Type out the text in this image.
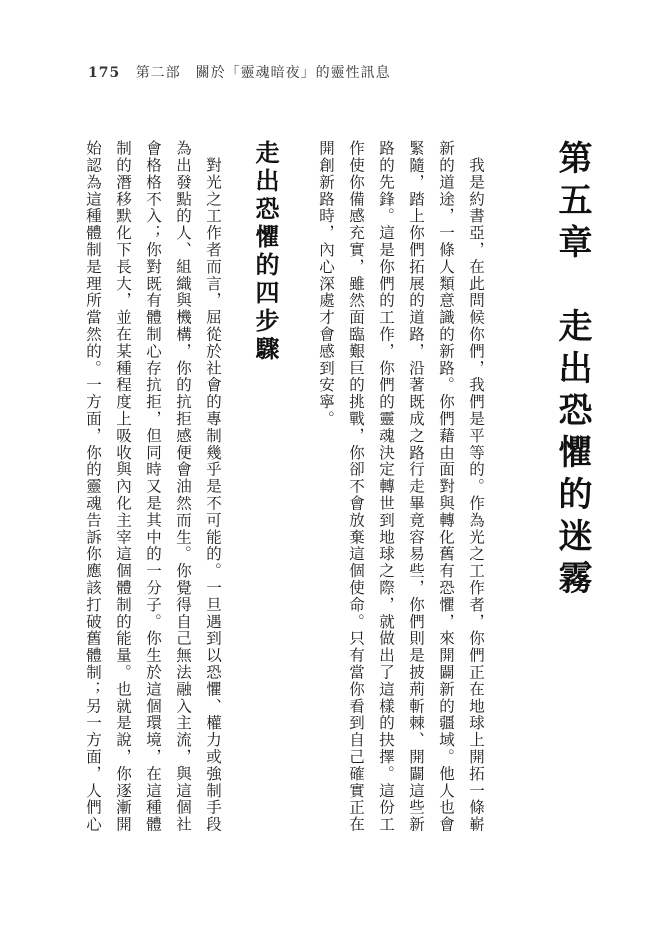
175 第二部　關於「靈魂暗夜」的靈性訊息
第五章　走出恐懼的迷霧
　我是約書亞，在此問候你們，我們是平等的。作為光之工作者，你們正在地球上開拓一條嶄
新的道途，一條人類意識的新路。你們藉由面對與轉化舊有恐懼，來開闢新的疆域。他人也會
緊隨，踏上你們拓展的道路，沿著既成之路行走畢竟容易些，你們則是披荊斬棘、開闢這些新
路的先鋒。這是你們的工作，你們的靈魂決定轉世到地球之際，就做出了這樣的抉擇。這份工
作使你備感充實，雖然面臨艱巨的挑戰，你卻不會放棄這個使命。只有當你看到自己確實正在
開創新路時，內心深處才會感到安寧。
走出恐懼的四步驟
　對光之工作者而言，屈從於社會的專制幾乎是不可能的。一旦遇到以恐懼、權力或強制手段
為出發點的人、組織與機構，你的抗拒感便會油然而生。你覺得自己無法融入主流，與這個社
會格格不入；你對既有體制心存抗拒，但同時又是其中的一分子。你生於這個環境，在這種體
制的潛移默化下長大，並在某種程度上吸收與內化主宰這個體制的能量。也就是說，你逐漸開
始認為這種體制是理所當然的。一方面，你的靈魂告訴你應該打破舊體制；另一方面，人們心
